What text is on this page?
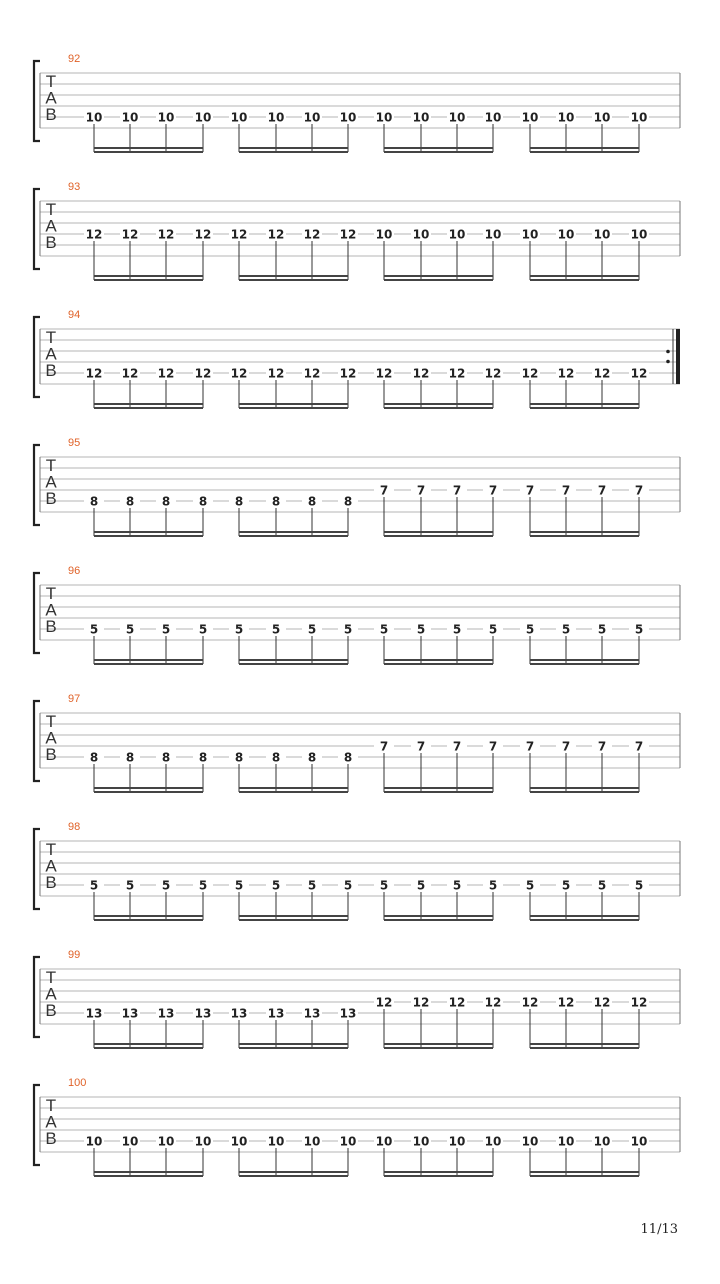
92
T
A
B 10 10 10 10 10 10 10 10 10 10 10 10 10 10 10 10
93
T
A
B 12 12 12 12 12 12 12 12 10 10 10 10 10 10 10 10
94
T
A
B 12 12 12 12 12 12 12 12 12 12 12 12 12 12 12 12
95
T
A
B	8 8 8 8 8 8 8 8
7 7 7 7 7 7 7 7
96
T
A
B	5 5 5 5 5 5 5 5 5 5 5 5 5 5 5 5
97
T
A
B	8 8 8 8 8 8 8 8
7 7 7 7 7 7 7 7
98
T
A
B	5 5 5 5 5 5 5 5 5 5 5 5 5 5 5 5
99
T
A
B 13 13 13 13 13 13 13 13
12 12 12 12 12 12 12 12
100
T
A
B 10 10 10 10 10 10 10 10 10 10 10 10 10 10 10 10
11/13
